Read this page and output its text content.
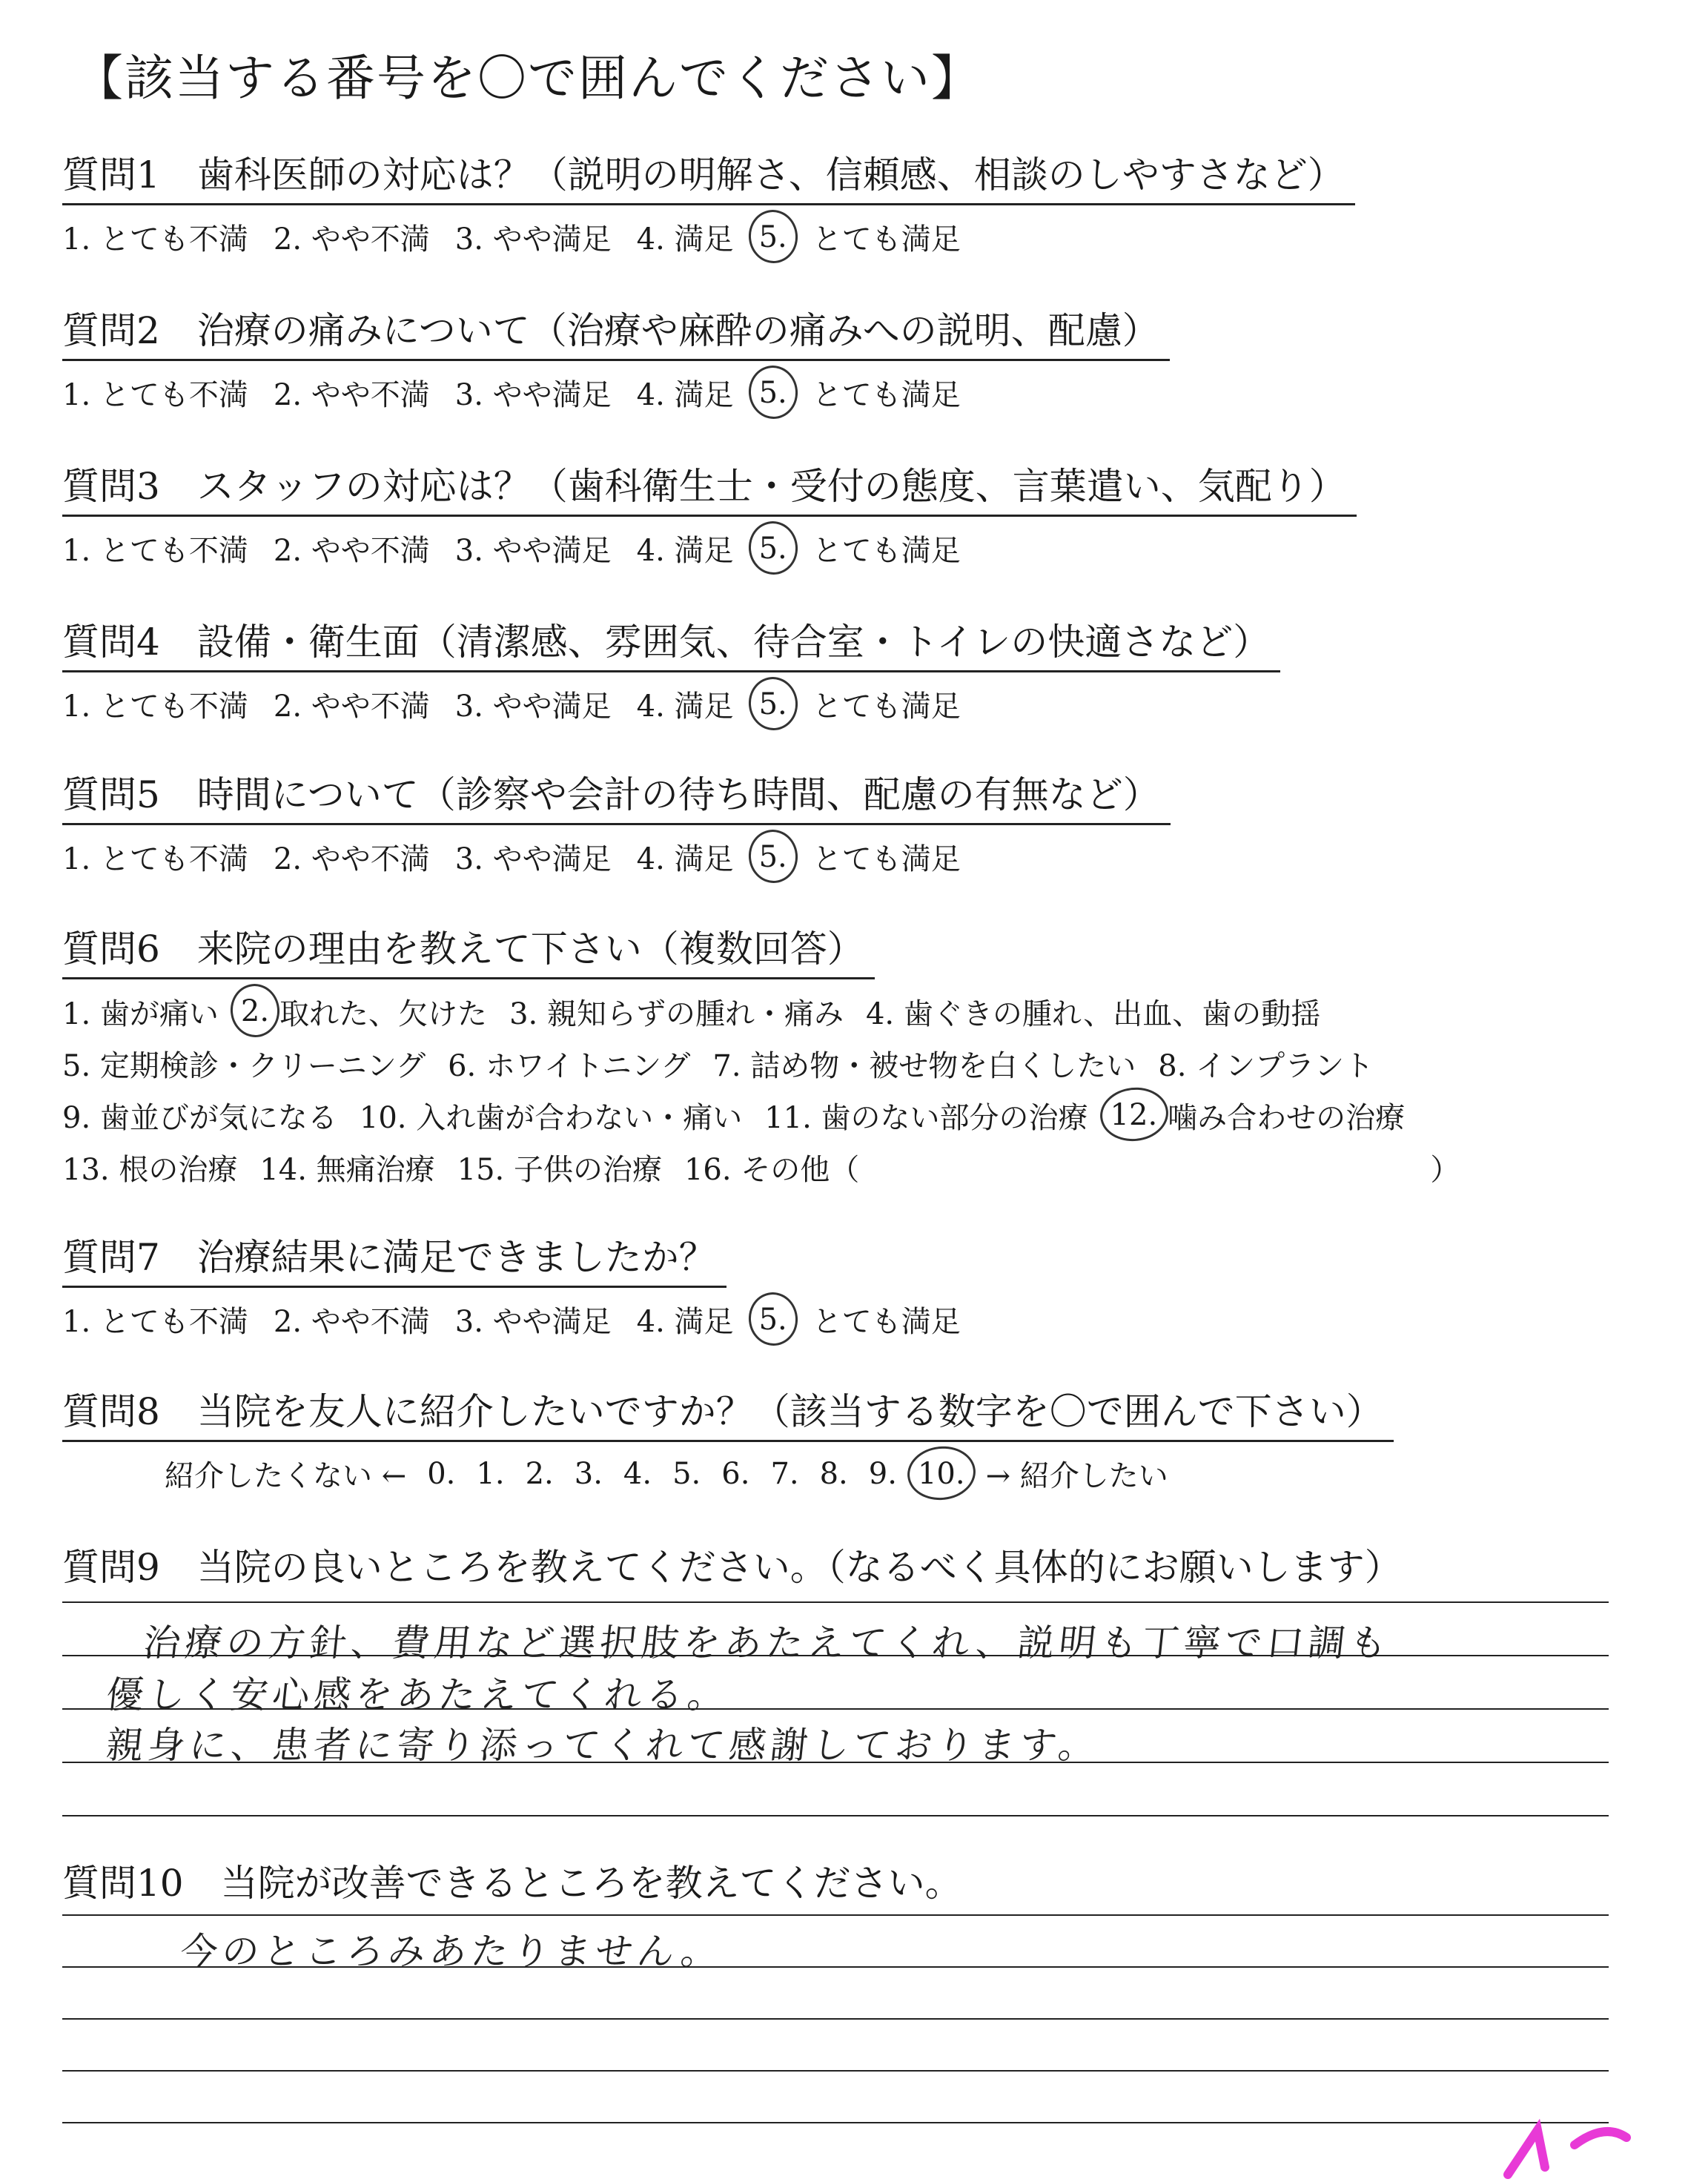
【該当する番号を〇で囲んでください】
質問1　歯科医師の対応は？（説明の明解さ、信頼感、相談のしやすさなど）
1. とても不満 2. やや不満 3. やや満足 4. 満足 5. とても満足
質問2　治療の痛みについて（治療や麻酔の痛みへの説明、配慮）
1. とても不満 2. やや不満 3. やや満足 4. 満足 5. とても満足
質問3　スタッフの対応は？（歯科衛生士・受付の態度、言葉遣い、気配り）
1. とても不満 2. やや不満 3. やや満足 4. 満足 5. とても満足
質問4　設備・衛生面（清潔感、雰囲気、待合室・トイレの快適さなど）
1. とても不満 2. やや不満 3. やや満足 4. 満足 5. とても満足
質問5　時間について（診察や会計の待ち時間、配慮の有無など）
1. とても不満 2. やや不満 3. やや満足 4. 満足 5. とても満足
質問6　来院の理由を教えて下さい（複数回答）
1. 歯が痛い 2. 取れた、欠けた 3. 親知らずの腫れ・痛み 4. 歯ぐきの腫れ、出血、歯の動揺
5. 定期検診・クリーニング 6. ホワイトニング 7. 詰め物・被せ物を白くしたい 8. インプラント
9. 歯並びが気になる 10. 入れ歯が合わない・痛い 11. 歯のない部分の治療 12. 噛み合わせの治療
13. 根の治療 14. 無痛治療 15. 子供の治療 16. その他（	）
質問7　治療結果に満足できましたか？
1. とても不満 2. やや不満 3. やや満足 4. 満足 5. とても満足
質問8　当院を友人に紹介したいですか？（該当する数字を〇で囲んで下さい）
紹介したくない ← 0. 1. 2. 3. 4. 5. 6. 7. 8. 9. 10. → 紹介したい
質問9　当院の良いところを教えてください。（なるべく具体的にお願いします）
治療の方針、費用など選択肢をあたえてくれ、説明も丁寧で口調も
優しく安心感をあたえてくれる。
親身に、患者に寄り添ってくれて感謝しております。
質問10　当院が改善できるところを教えてください。
今のところみあたりません。
